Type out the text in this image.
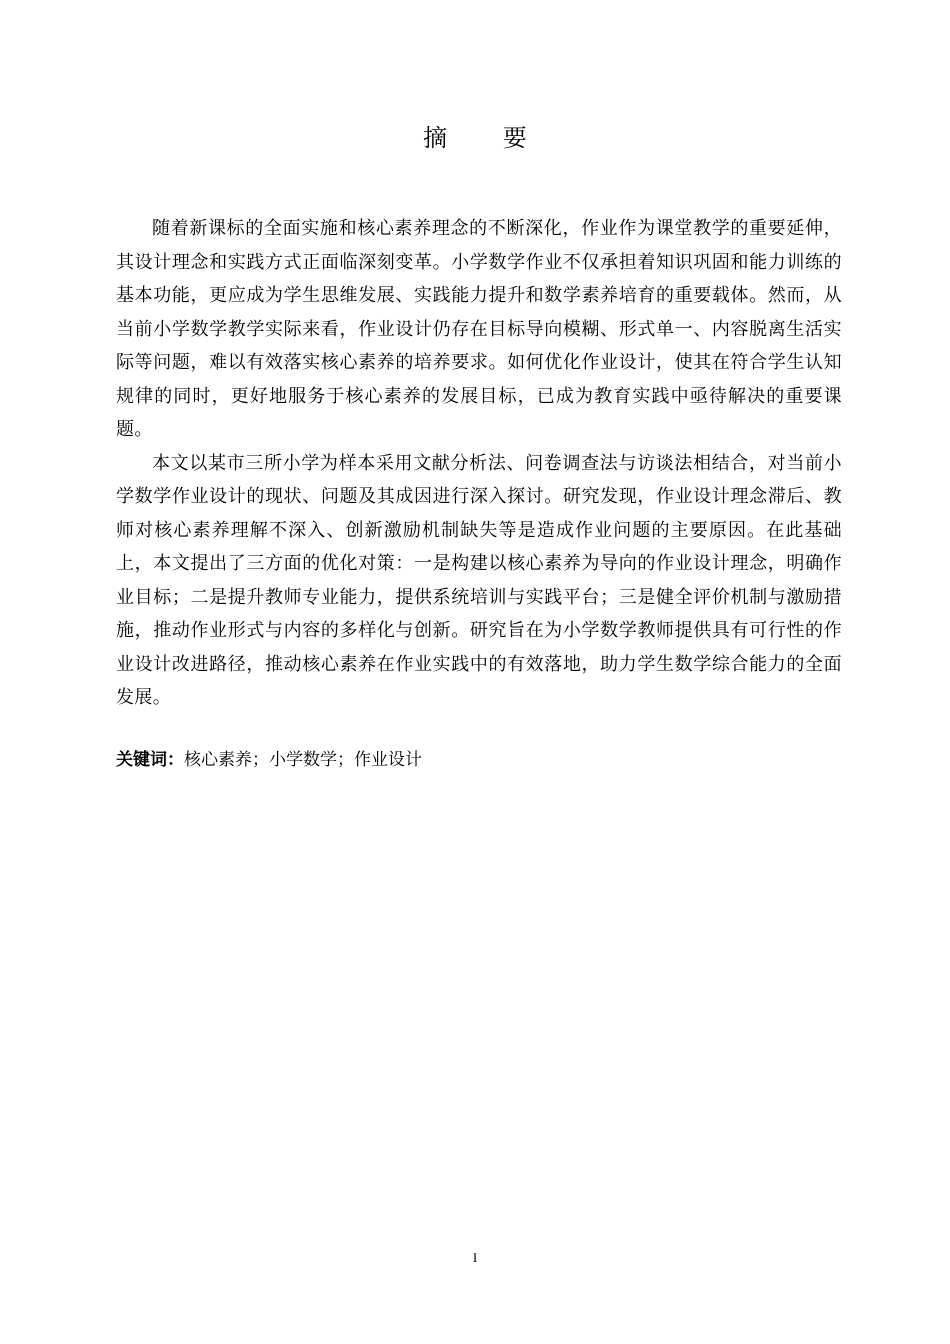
摘 要

随着新课标的全面实施和核心素养理念的不断深化，作业作为课堂教学的重要延伸，其设计理念和实践方式正面临深刻变革。小学数学作业不仅承担着知识巩固和能力训练的基本功能，更应成为学生思维发展、实践能力提升和数学素养培育的重要载体。然而，从当前小学数学教学实际来看，作业设计仍存在目标导向模糊、形式单一、内容脱离生活实际等问题，难以有效落实核心素养的培养要求。如何优化作业设计，使其在符合学生认知规律的同时，更好地服务于核心素养的发展目标，已成为教育实践中亟待解决的重要课题。

本文以某市三所小学为样本采用文献分析法、问卷调查法与访谈法相结合，对当前小学数学作业设计的现状、问题及其成因进行深入探讨。研究发现，作业设计理念滞后、教师对核心素养理解不深入、创新激励机制缺失等是造成作业问题的主要原因。在此基础上，本文提出了三方面的优化对策：一是构建以核心素养为导向的作业设计理念，明确作业目标；二是提升教师专业能力，提供系统培训与实践平台；三是健全评价机制与激励措施，推动作业形式与内容的多样化与创新。研究旨在为小学数学教师提供具有可行性的作业设计改进路径，推动核心素养在作业实践中的有效落地，助力学生数学综合能力的全面发展。

关键词：核心素养；小学数学；作业设计

I
